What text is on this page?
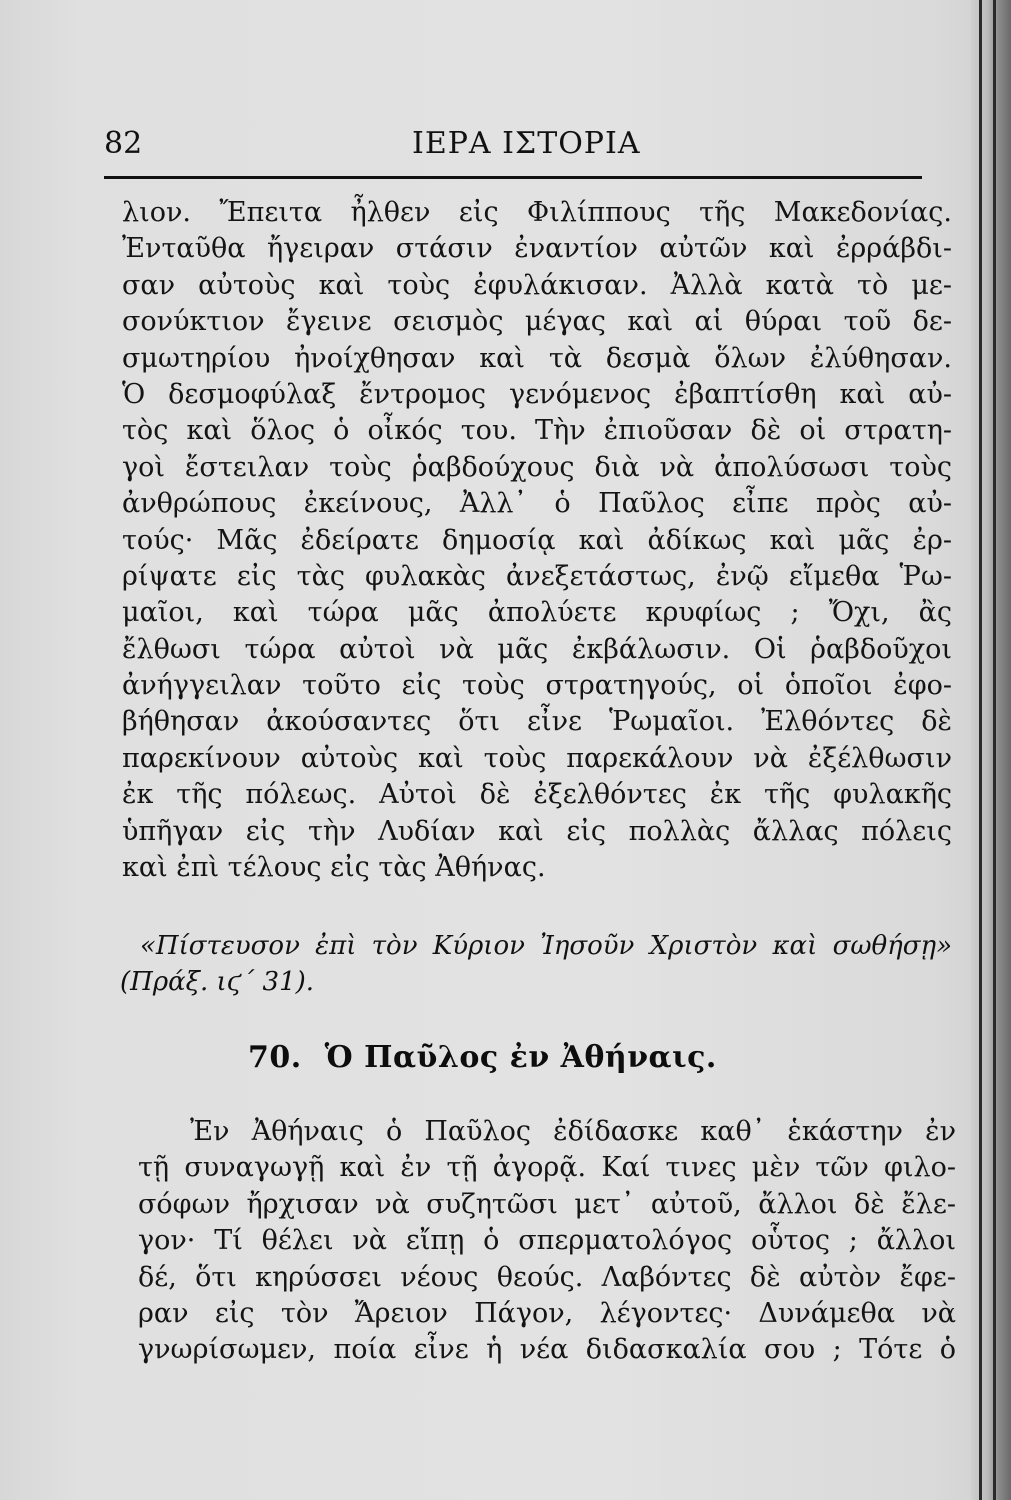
82	ΙΕΡΑ ΙΣΤΟΡΙΑ
λιον. Ἔπειτα ἦλθεν εἰς Φιλίππους τῆς Μακεδονίας.
Ἐνταῦθα ἤγειραν στάσιν ἐναντίον αὐτῶν καὶ ἐρράβδι-
σαν αὐτοὺς καὶ τοὺς ἐφυλάκισαν. Ἀλλὰ κατὰ τὸ με-
σονύκτιον ἔγεινε σεισμὸς μέγας καὶ αἱ θύραι τοῦ δε-
σμωτηρίου ἠνοίχθησαν καὶ τὰ δεσμὰ ὅλων ἐλύθησαν.
Ὁ δεσμοφύλαξ ἔντρομος γενόμενος ἐβαπτίσθη καὶ αὐ-
τὸς καὶ ὅλος ὁ οἶκός του. Τὴν ἐπιοῦσαν δὲ οἱ στρατη-
γοὶ ἔστειλαν τοὺς ῥαβδούχους διὰ νὰ ἀπολύσωσι τοὺς
ἀνθρώπους ἐκείνους, Ἀλλ᾽ ὁ Παῦλος εἶπε πρὸς αὐ-
τούς· Μᾶς ἐδείρατε δημοσίᾳ καὶ ἀδίκως καὶ μᾶς ἐρ-
ρίψατε εἰς τὰς φυλακὰς ἀνεξετάστως, ἐνῷ εἴμεθα Ῥω-
μαῖοι, καὶ τώρα μᾶς ἀπολύετε κρυφίως ; Ὄχι, ἂς
ἔλθωσι τώρα αὐτοὶ νὰ μᾶς ἐκβάλωσιν. Οἱ ῥαβδοῦχοι
ἀνήγγειλαν τοῦτο εἰς τοὺς στρατηγούς, οἱ ὁποῖοι ἐφο-
βήθησαν ἀκούσαντες ὅτι εἶνε Ῥωμαῖοι. Ἐλθόντες δὲ
παρεκίνουν αὐτοὺς καὶ τοὺς παρεκάλουν νὰ ἐξέλθωσιν
ἐκ τῆς πόλεως. Αὐτοὶ δὲ ἐξελθόντες ἐκ τῆς φυλακῆς
ὑπῆγαν εἰς τὴν Λυδίαν καὶ εἰς πολλὰς ἄλλας πόλεις
καὶ ἐπὶ τέλους εἰς τὰς Ἀθήνας.
«Πίστευσον ἐπὶ τὸν Κύριον Ἰησοῦν Χριστὸν καὶ σωθήσῃ»
(Πράξ. ιϛ΄ 31).
70. Ὁ Παῦλος ἐν Ἀθήναις.
Ἐν Ἀθήναις ὁ Παῦλος ἐδίδασκε καθ᾽ ἑκάστην ἐν
τῇ συναγωγῇ καὶ ἐν τῇ ἀγορᾷ. Καί τινες μὲν τῶν φιλο-
σόφων ἤρχισαν νὰ συζητῶσι μετ᾽ αὐτοῦ, ἄλλοι δὲ ἔλε-
γον· Τί θέλει νὰ εἴπῃ ὁ σπερματολόγος οὗτος ; ἄλλοι
δέ, ὅτι κηρύσσει νέους θεούς. Λαβόντες δὲ αὐτὸν ἔφε-
ραν εἰς τὸν Ἄρειον Πάγον, λέγοντες· Δυνάμεθα νὰ
γνωρίσωμεν, ποία εἶνε ἡ νέα διδασκαλία σου ; Τότε ὁ
